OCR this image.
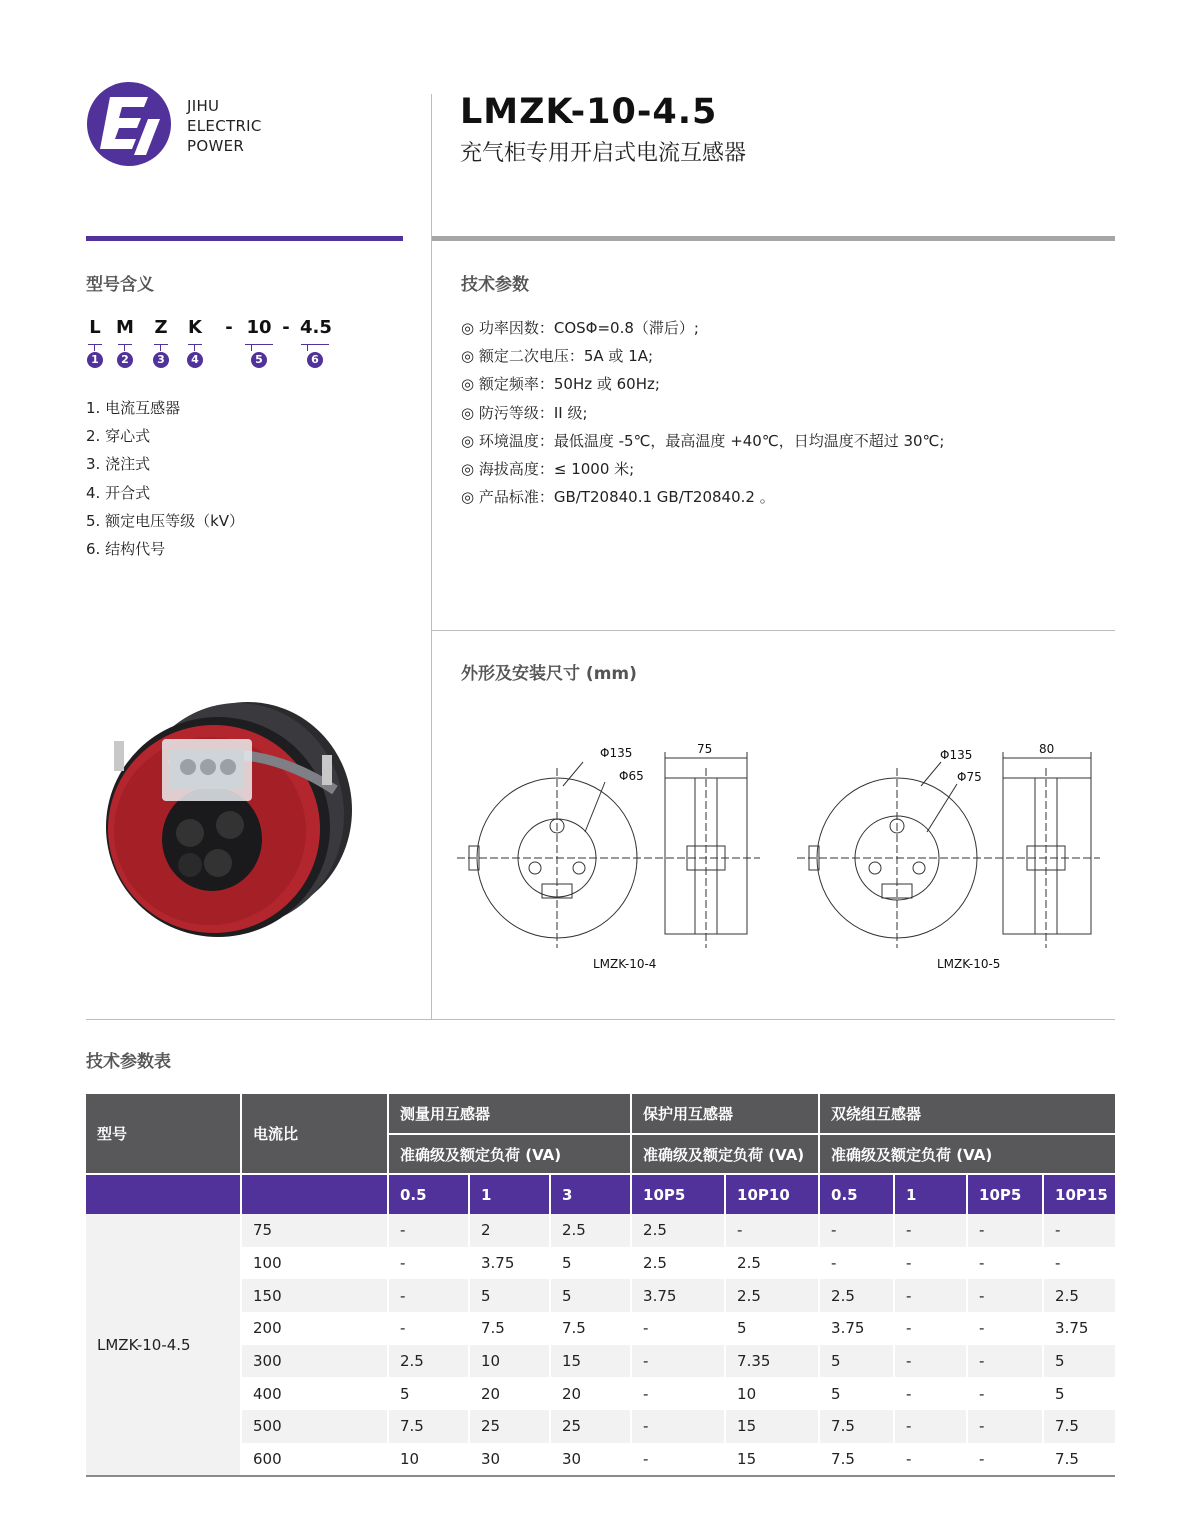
JIHU
ELECTRIC
POWER
LMZK-10-4.5
充气柜专用开启式电流互感器
型号含义
L M	Z	K	- 10 - 4.5
1	2	3	4	5	6
1. 电流互感器
2. 穿心式
3. 浇注式
4. 开合式
5. 额定电压等级（kV）
6. 结构代号
技术参数
◎ 功率因数：COSΦ=0.8（滞后）;
◎ 额定二次电压：5A 或 1A;
◎ 额定频率：50Hz 或 60Hz;
◎ 防污等级：II 级;
◎ 环境温度：最低温度 -5℃，最高温度 +40℃，日均温度不超过 30℃;
◎ 海拔高度：≤ 1000 米;
◎ 产品标准：GB/T20840.1 GB/T20840.2 。
外形及安装尺寸 (mm)
Φ135
Φ65
75
LMZK-10-4
Φ135
Φ75
80
LMZK-10-5
技术参数表
型号	电流比	测量用互感器			保护用互感器		双绕组互感器			
		准确级及额定负荷 (VA)			准确级及额定负荷 (VA)		准确级及额定负荷 (VA)			
		0.5	1	3	10P5	10P10	0.5	1	10P5	10P15
LMZK-10-4.5	75	-	2	2.5	2.5	-	-	-	-	-
	100	-	3.75	5	2.5	2.5	-	-	-	-
	150	-	5	5	3.75	2.5	2.5	-	-	2.5
	200	-	7.5	7.5	-	5	3.75	-	-	3.75
	300	2.5	10	15	-	7.35	5	-	-	5
	400	5	20	20	-	10	5	-	-	5
	500	7.5	25	25	-	15	7.5	-	-	7.5
	600	10	30	30	-	15	7.5	-	-	7.5
